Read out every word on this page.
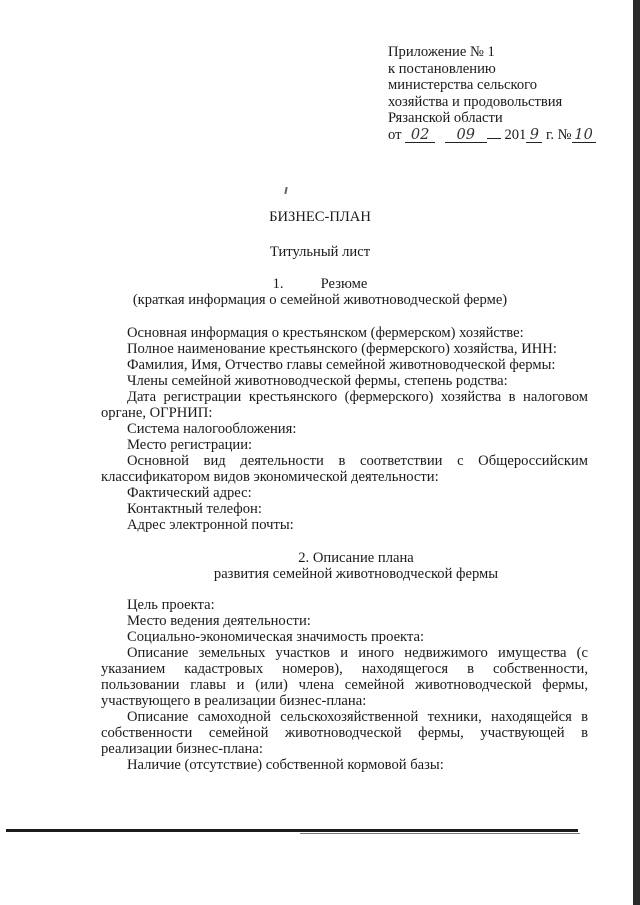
Приложение № 1
к постановлению
министерства сельского
хозяйства и продовольствия
Рязанской области
от 02 09 201 9 г. № 10
БИЗНЕС-ПЛАН
Титульный лист
1.	Резюме
(краткая информация о семейной животноводческой ферме)
Основная информация о крестьянском (фермерском) хозяйстве:
Полное наименование крестьянского (фермерского) хозяйства, ИНН:
Фамилия, Имя, Отчество главы семейной животноводческой фермы:
Члены семейной животноводческой фермы, степень родства:
Дата регистрации крестьянского (фермерского) хозяйства в налоговом
органе, ОГРНИП:
Система налогообложения:
Место регистрации:
Основной вид деятельности в соответствии с Общероссийским
классификатором видов экономической деятельности:
Фактический адрес:
Контактный телефон:
Адрес электронной почты:
2. Описание плана
развития семейной животноводческой фермы
Цель проекта:
Место ведения деятельности:
Социально-экономическая значимость проекта:
Описание земельных участков и иного недвижимого имущества (с
указанием кадастровых номеров), находящегося в собственности,
пользовании главы и (или) члена семейной животноводческой фермы,
участвующего в реализации бизнес-плана:
Описание самоходной сельскохозяйственной техники, находящейся в
собственности семейной животноводческой фермы, участвующей в
реализации бизнес-плана:
Наличие (отсутствие) собственной кормовой базы:
